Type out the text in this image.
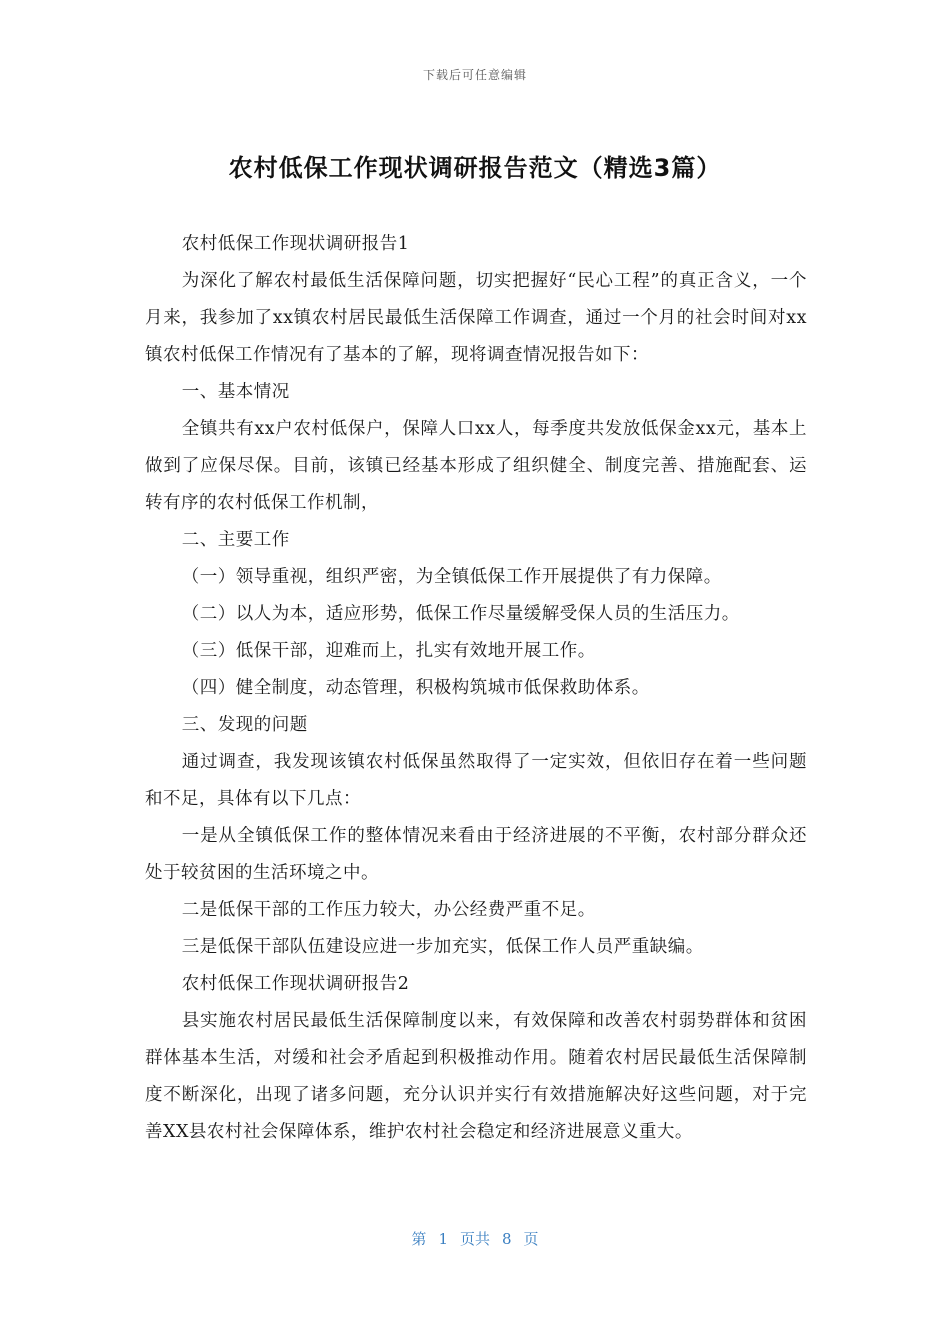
下载后可任意编辑
农村低保工作现状调研报告范文（精选3篇）

农村低保工作现状调研报告1

为深化了解农村最低生活保障问题，切实把握好“民心工程”的真正含义，一个月来，我参加了xx镇农村居民最低生活保障工作调查，通过一个月的社会时间对xx镇农村低保工作情况有了基本的了解，现将调查情况报告如下：

一、基本情况

全镇共有xx户农村低保户，保障人口xx人，每季度共发放低保金xx元，基本上做到了应保尽保。目前，该镇已经基本形成了组织健全、制度完善、措施配套、运转有序的农村低保工作机制，

二、主要工作

（一）领导重视，组织严密，为全镇低保工作开展提供了有力保障。

（二）以人为本，适应形势，低保工作尽量缓解受保人员的生活压力。

（三）低保干部，迎难而上，扎实有效地开展工作。

（四）健全制度，动态管理，积极构筑城市低保救助体系。

三、发现的问题

通过调查，我发现该镇农村低保虽然取得了一定实效，但依旧存在着一些问题和不足，具体有以下几点：

一是从全镇低保工作的整体情况来看由于经济进展的不平衡，农村部分群众还处于较贫困的生活环境之中。

二是低保干部的工作压力较大，办公经费严重不足。

三是低保干部队伍建设应进一步加充实，低保工作人员严重缺编。

农村低保工作现状调研报告2

县实施农村居民最低生活保障制度以来，有效保障和改善农村弱势群体和贫困群体基本生活，对缓和社会矛盾起到积极推动作用。随着农村居民最低生活保障制度不断深化，出现了诸多问题，充分认识并实行有效措施解决好这些问题，对于完善XX县农村社会保障体系，维护农村社会稳定和经济进展意义重大。

第 1 页共 8 页
